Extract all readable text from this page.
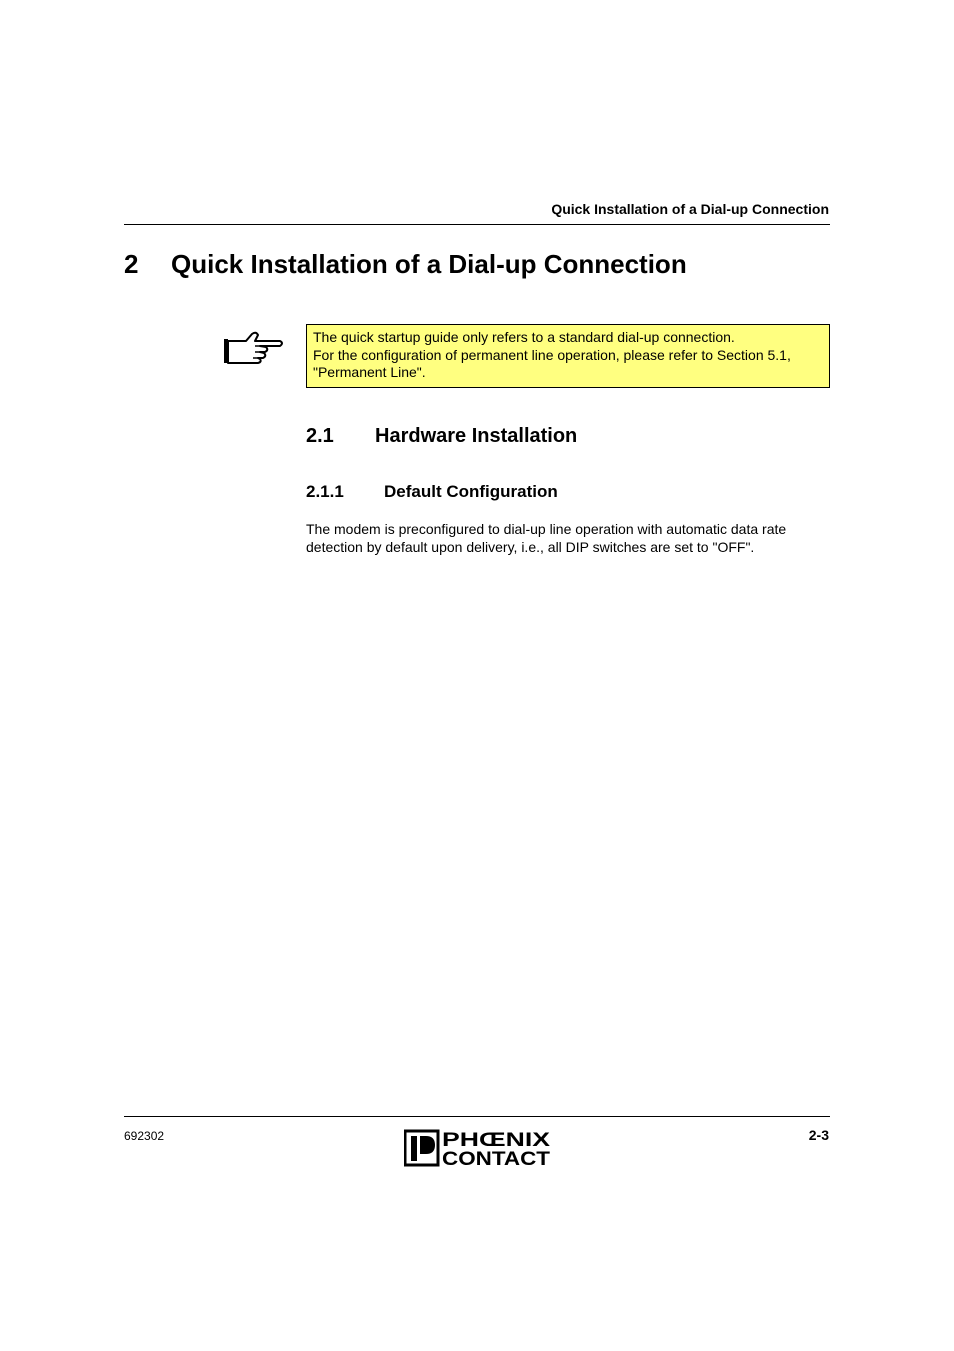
Quick Installation of a Dial-up Connection
2 Quick Installation of a Dial-up Connection

The quick startup guide only refers to a standard dial-up connection.

For the configuration of permanent line operation, please refer to Section 5.1, "Permanent Line".

2.1 Hardware Installation
2.1.1 Default Configuration

The modem is preconfigured to dial-up line operation with automatic data rate detection by default upon delivery, i.e., all DIP switches are set to "OFF".

692302	PHŒNIX
CONTACT
2-3
